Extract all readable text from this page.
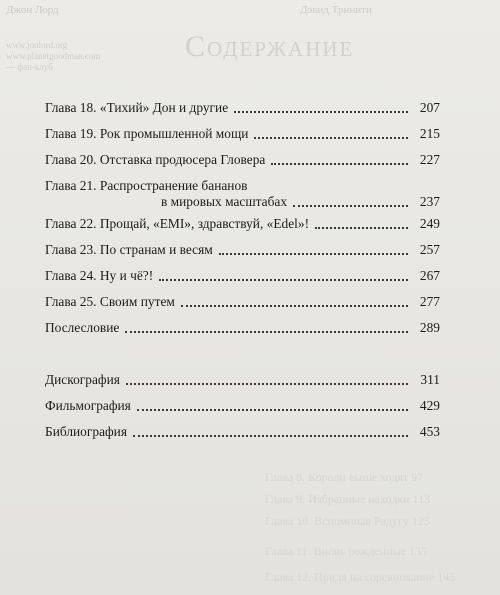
Джон Лорд	Дэвид Тринити
www.jonlord.org
www.planetgoodman.com
— фан-клуб
Содержание
Глава 8. Короли выше ходят 97
Глава 9. Избранные находки 113
Глава 10. Вспоминая Радугу 125
Глава 11. Вновь рожденные 135
Глава 12. Придя на соревнование 145
Глава 18. «Тихий» Дон и другие	207
Глава 19. Рок промышленной мощи	215
Глава 20. Отставка продюсера Гловера	227
Глава 21. Распространение бананов
в мировых масштабах	237
Глава 22. Прощай, «EMI», здравствуй, «Edel»!	249
Глава 23. По странам и весям	257
Глава 24. Ну и чё?!	267
Глава 25. Своим путем	277
Послесловие	289
Дискография	311
Фильмография	429
Библиография	453
